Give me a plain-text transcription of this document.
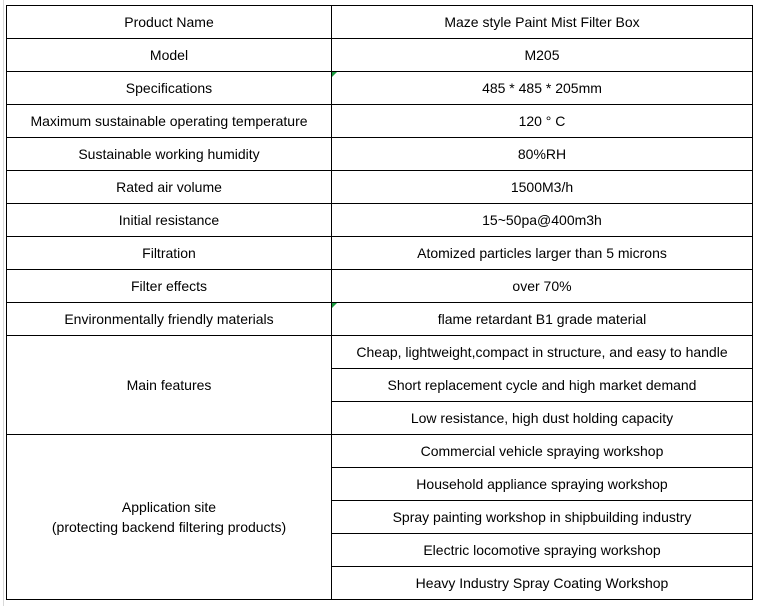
Product Name	Maze style Paint Mist Filter Box
Model	M205
Specifications	485 * 485 * 205mm
Maximum sustainable operating temperature	120 ° C
Sustainable working humidity	80%RH
Rated air volume	1500M3/h
Initial resistance	15~50pa@400m3h
Filtration	Atomized particles larger than 5 microns
Filter effects	over 70%
Environmentally friendly materials	flame retardant B1 grade material
Main features	Cheap, lightweight,compact in structure, and easy to handle
	Short replacement cycle and high market demand
	Low resistance, high dust holding capacity

Application site
(protecting backend filtering products)	Commercial vehicle spraying workshop
	Household appliance spraying workshop
	Spray painting workshop in shipbuilding industry
	Electric locomotive spraying workshop
	Heavy Industry Spray Coating Workshop
